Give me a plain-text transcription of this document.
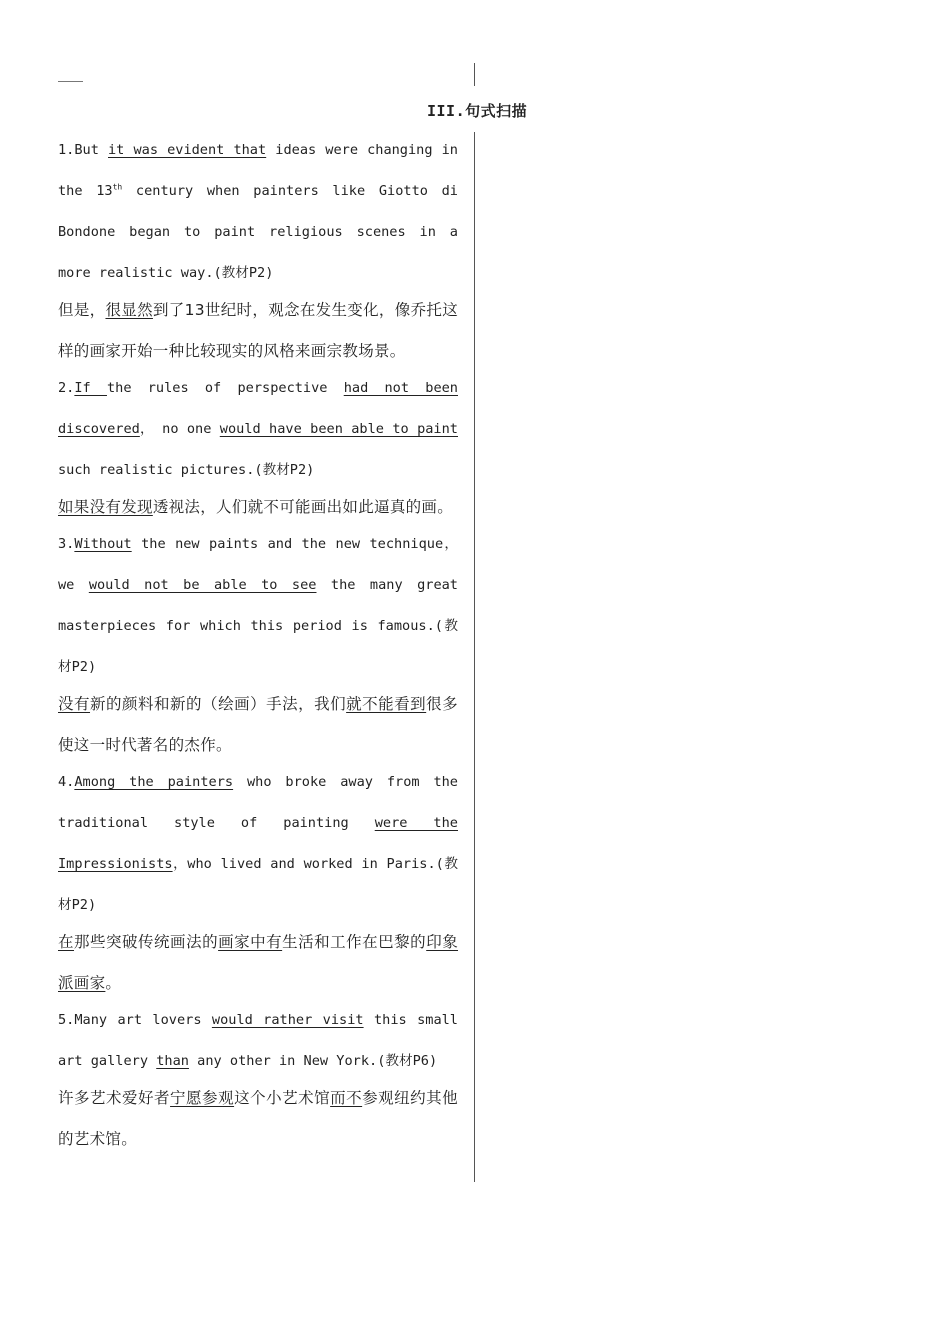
III.句式扫描

1.But it was evident that ideas were changing in the 13th century when painters like Giotto di Bondone began to paint religious scenes in a more realistic way.(教材P2)

但是，很显然到了13世纪时，观念在发生变化，像乔托这样的画家开始一种比较现实的风格来画宗教场景。

2.If the rules of perspective had not been discovered， no one would have been able to paint such realistic pictures.(教材P2)

如果没有发现透视法，人们就不可能画出如此逼真的画。

3.Without the new paints and the new technique，we would not be able to see the many great masterpieces for which this period is famous.(教材P2)

没有新的颜料和新的（绘画）手法，我们就不能看到很多使这一时代著名的杰作。

4.Among the painters who broke away from the traditional style of painting were the Impressionists，who lived and worked in Paris.(教材P2)

在那些突破传统画法的画家中有生活和工作在巴黎的印象派画家。

5.Many art lovers would rather visit this small art gallery than any other in New York.(教材P6)

许多艺术爱好者宁愿参观这个小艺术馆而不参观纽约其他的艺术馆。
